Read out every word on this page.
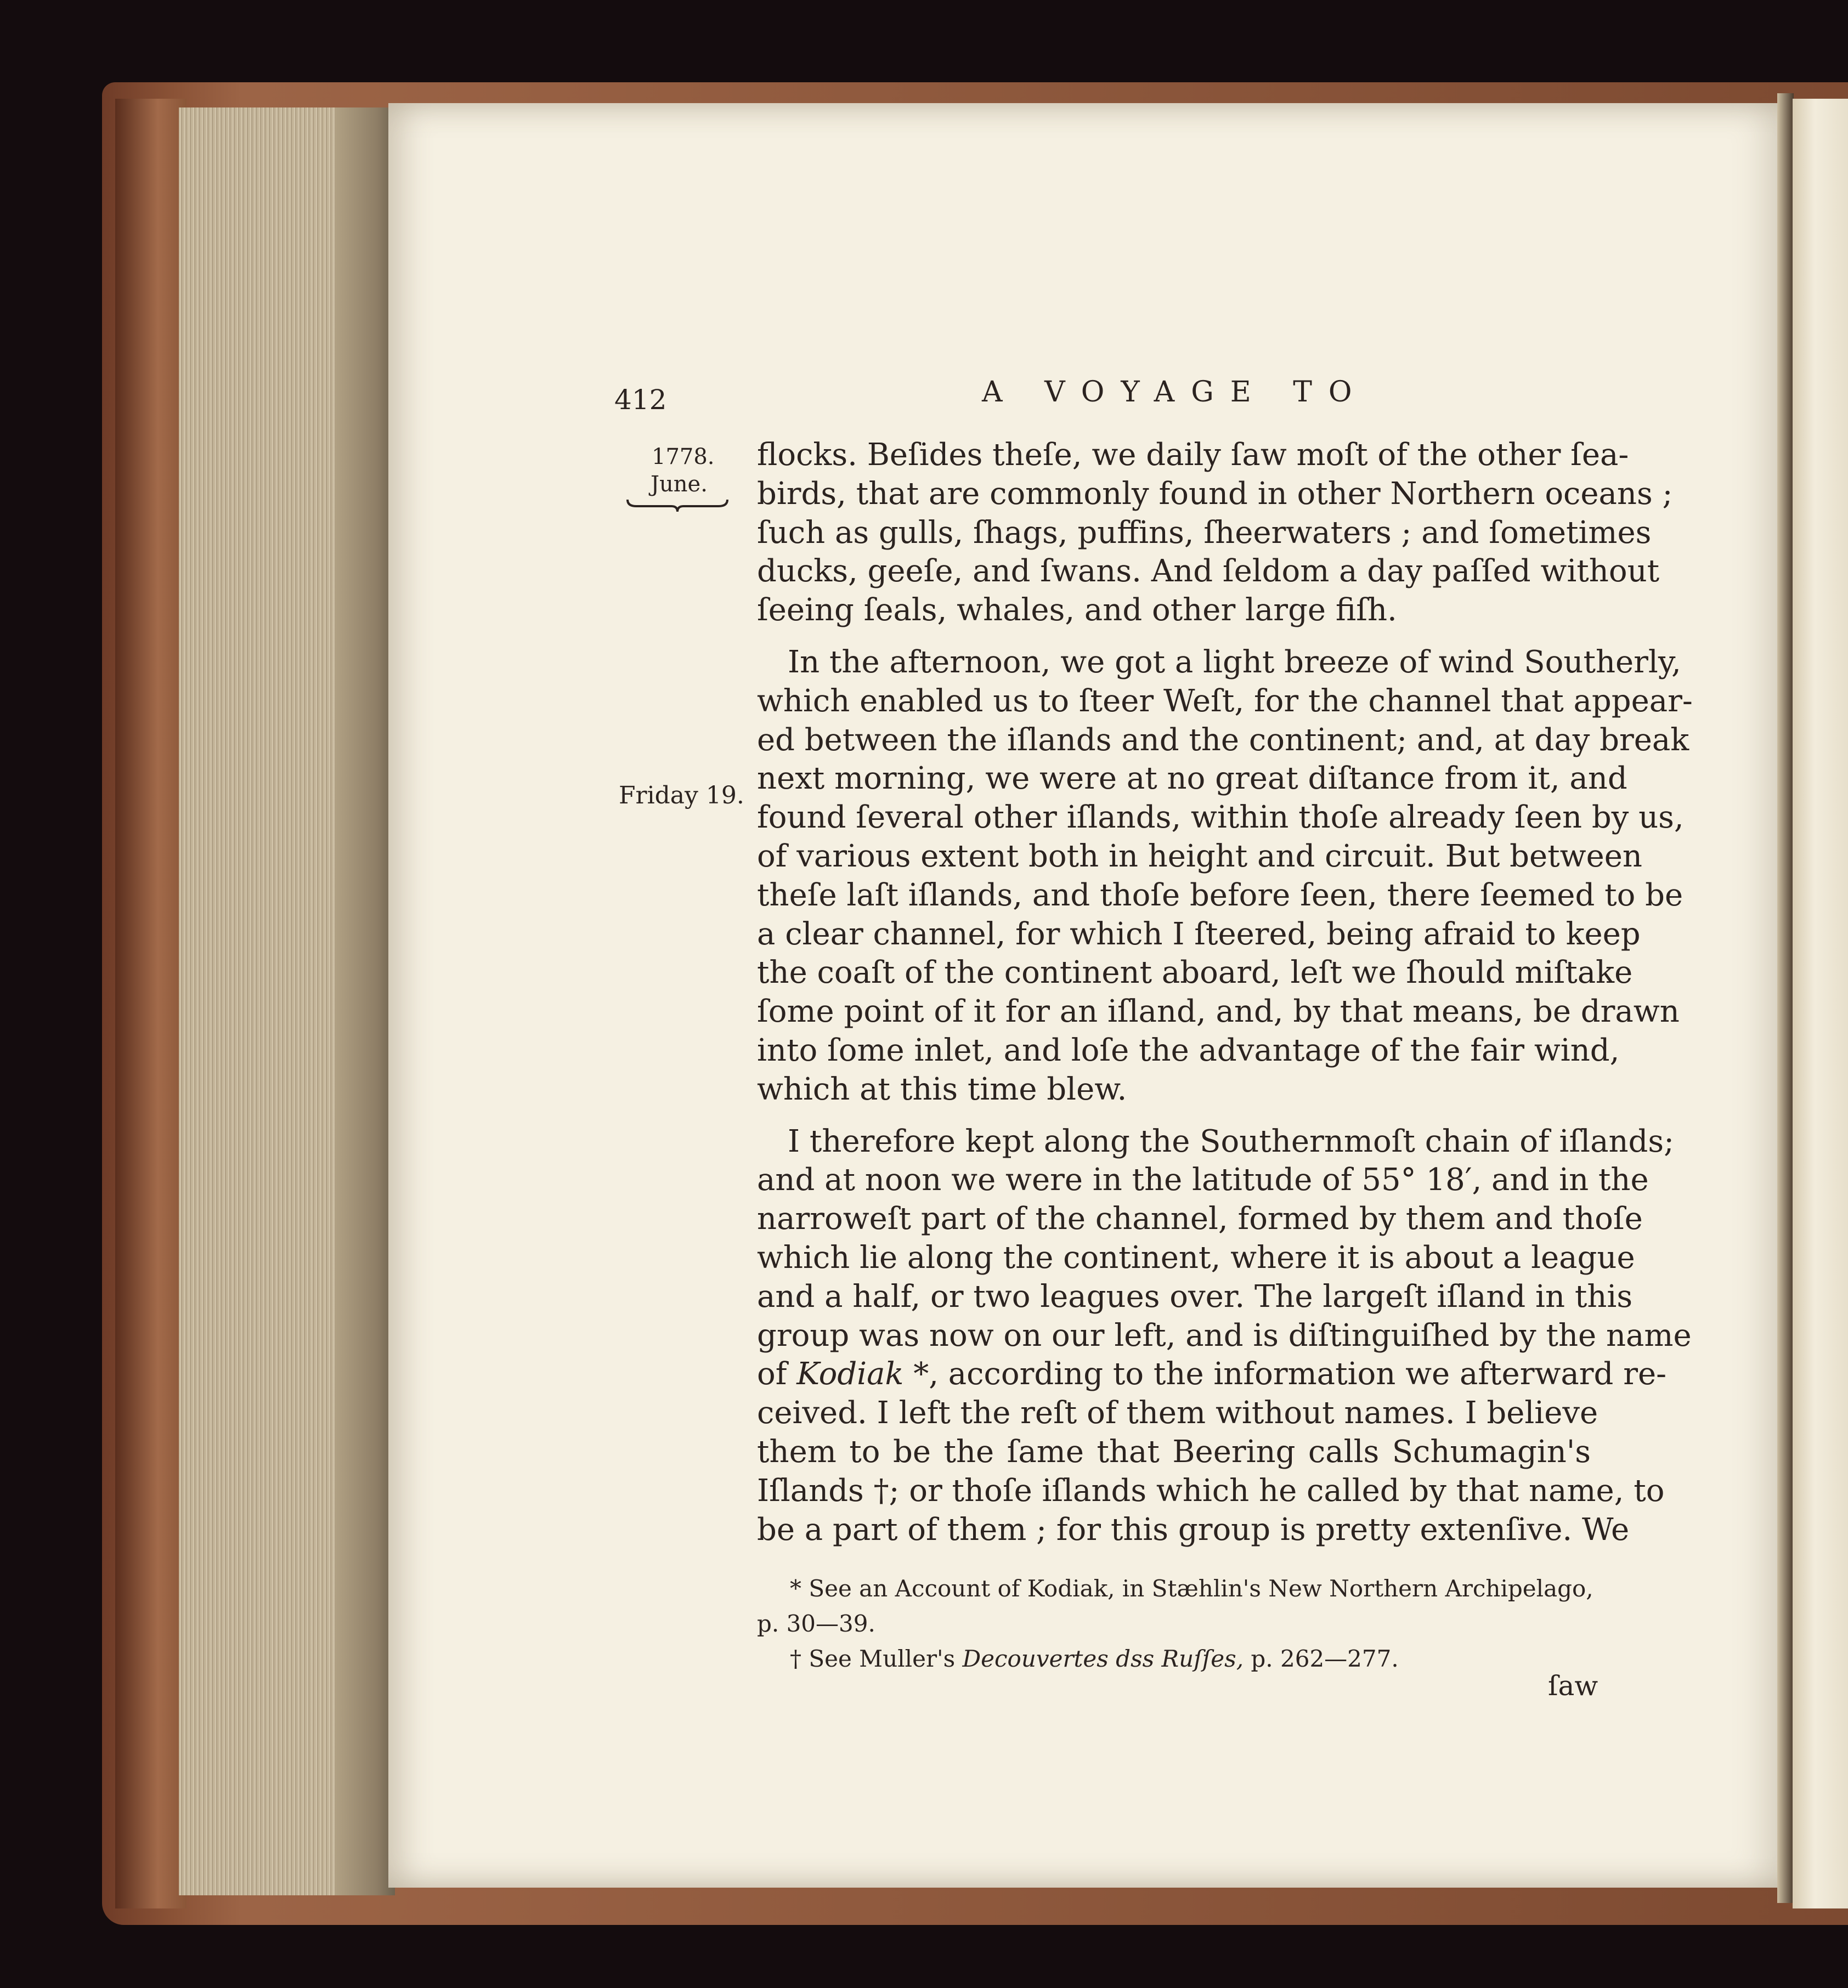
412	A VOYAGE TO
1778.
June.
Friday 19.
flocks. Beſides theſe, we daily ſaw moſt of the other ſea-
birds, that are commonly found in other Northern oceans ;
ſuch as gulls, ſhags, puffins, ſheerwaters ; and ſometimes
ducks, geeſe, and ſwans. And ſeldom a day paſſed without
ſeeing ſeals, whales, and other large fiſh.
In the afternoon, we got a light breeze of wind Southerly,
which enabled us to ſteer Weſt, for the channel that appear-
ed between the iſlands and the continent; and, at day break
next morning, we were at no great diſtance from it, and
found ſeveral other iſlands, within thoſe already ſeen by us,
of various extent both in height and circuit. But between
theſe laſt iſlands, and thoſe before ſeen, there ſeemed to be
a clear channel, for which I ſteered, being afraid to keep
the coaſt of the continent aboard, leſt we ſhould miſtake
ſome point of it for an iſland, and, by that means, be drawn
into ſome inlet, and loſe the advantage of the fair wind,
which at this time blew.
I therefore kept along the Southernmoſt chain of iſlands;
and at noon we were in the latitude of 55° 18′, and in the
narroweſt part of the channel, formed by them and thoſe
which lie along the continent, where it is about a league
and a half, or two leagues over. The largeſt iſland in this
group was now on our left, and is diſtinguiſhed by the name
of Kodiak *, according to the information we afterward re-
ceived. I left the reſt of them without names. I believe
them to be the ſame that Beering calls Schumagin's
Iſlands †; or thoſe iſlands which he called by that name, to
be a part of them ; for this group is pretty extenſive. We
* See an Account of Kodiak, in Stæhlin's New Northern Archipelago,
p. 30—39.
† See Muller's Decouvertes dss Ruſſes, p. 262—277.
ſaw
